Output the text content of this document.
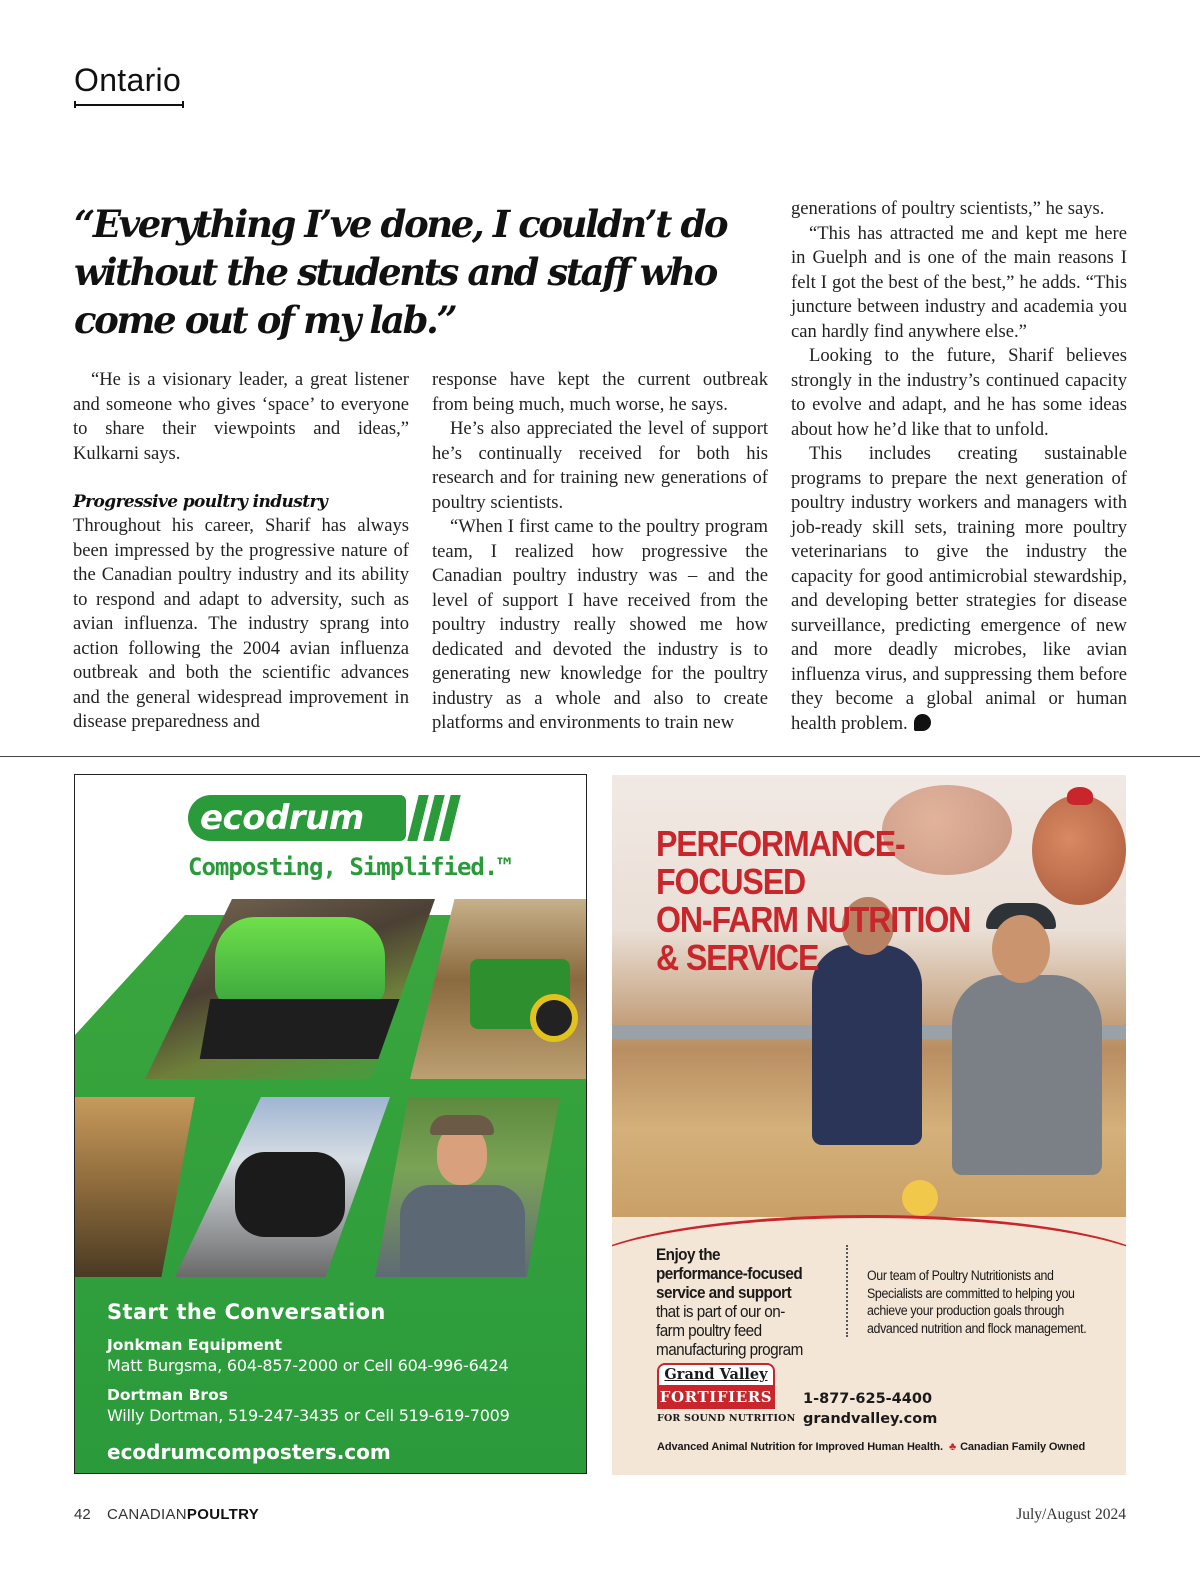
Ontario
“Everything I’ve done, I couldn’t do without the students and staff who come out of my lab.”

“He is a visionary leader, a great listener and someone who gives ‘space’ to everyone to share their viewpoints and ideas,” Kulkarni says.

Progressive poultry industry

Throughout his career, Sharif has always been impressed by the progressive nature of the Canadian poultry industry and its ability to respond and adapt to adversity, such as avian influenza. The industry sprang into action following the 2004 avian influenza outbreak and both the scientific advances and the general widespread improvement in disease preparedness and

response have kept the current outbreak from being much, much worse, he says.

He’s also appreciated the level of support he’s continually received for both his research and for training new generations of poultry scientists.

“When I first came to the poultry program team, I realized how progressive the Canadian poultry industry was – and the level of support I have received from the poultry industry really showed me how dedicated and devoted the industry is to generating new knowledge for the poultry industry as a whole and also to create platforms and environments to train new

generations of poultry scientists,” he says.

“This has attracted me and kept me here in Guelph and is one of the main reasons I felt I got the best of the best,” he adds. “This juncture between industry and academia you can hardly find anywhere else.”

Looking to the future, Sharif believes strongly in the industry’s continued capacity to evolve and adapt, and he has some ideas about how he’d like that to unfold.

This includes creating sustainable programs to prepare the next generation of poultry industry workers and managers with job-ready skill sets, training more poultry veterinarians to give the industry the capacity for good antimicrobial stewardship, and developing better strategies for disease surveillance, predicting emergence of new and more deadly microbes, like avian influenza virus, and suppressing them before they become a global animal or human health problem.

ecodrum
Composting, Simplified.™
Start the Conversation
Jonkman Equipment
Matt Burgsma, 604-857-2000 or Cell 604-996-6424
Dortman Bros
Willy Dortman, 519-247-3435 or Cell 519-619-7009
ecodrumcomposters.com
PERFORMANCE-FOCUSED
ON-FARM NUTRITION
& SERVICE
Enjoy the performance-focused service and support that is part of our on-farm poultry feed manufacturing program
Our team of Poultry Nutritionists and Specialists are committed to helping you achieve your production goals through advanced nutrition and flock management.
Grand Valley
FORTIFIERS
FOR SOUND NUTRITION
1-877-625-4400
grandvalley.com
Advanced Animal Nutrition for Improved Human Health. ♣ Canadian Family Owned
42 CANADIANPOULTRY	July/August 2024
